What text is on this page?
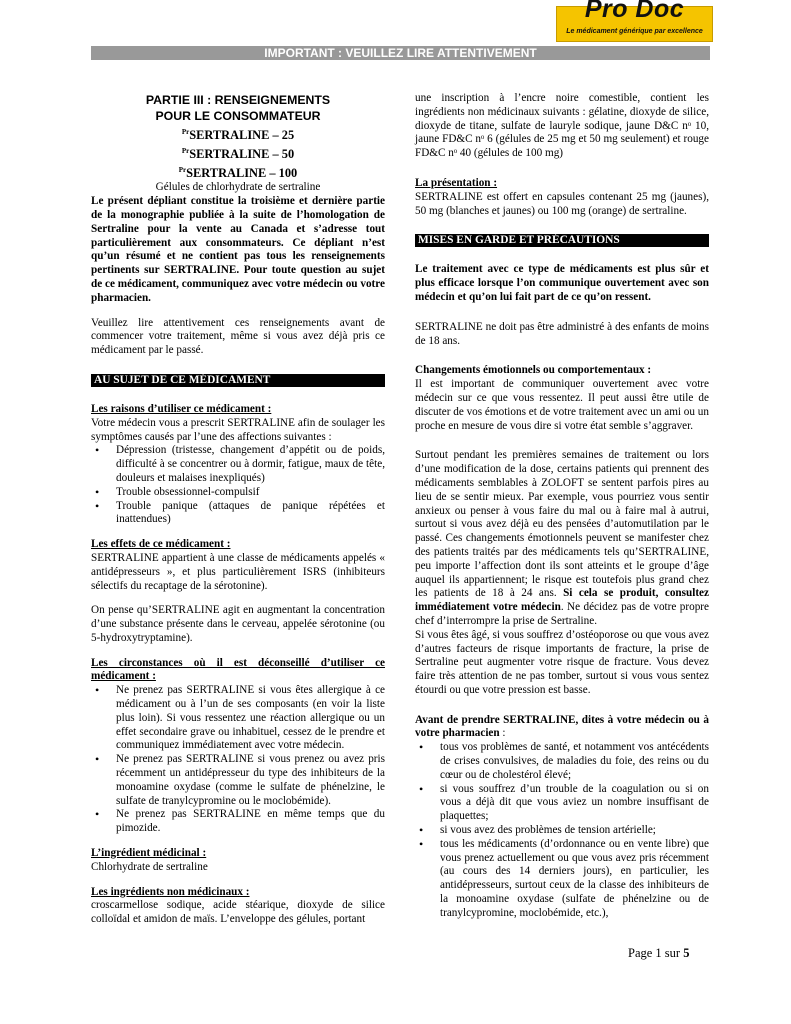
Pro Doc
Le médicament générique par excellence
IMPORTANT : VEUILLEZ LIRE ATTENTIVEMENT
PARTIE III : RENSEIGNEMENTS
POUR LE CONSOMMATEUR
$^{Pr}$SERTRALINE – 25
$^{Pr}$SERTRALINE – 50
$^{Pr}$SERTRALINE – 100
Gélules de chlorhydrate de sertraline

Le présent dépliant constitue la troisième et dernière partie de la monographie publiée à la suite de l’homologation de Sertraline pour la vente au Canada et s’adresse tout particulièrement aux consommateurs. Ce dépliant n’est qu’un résumé et ne contient pas tous les renseignements pertinents sur SERTRALINE. Pour toute question au sujet de ce médicament, communiquez avec votre médecin ou votre pharmacien.

Veuillez lire attentivement ces renseignements avant de commencer votre traitement, même si vous avez déjà pris ce médicament par le passé.

AU SUJET DE CE MÉDICAMENT
Les raisons d’utiliser ce médicament :

Votre médecin vous a prescrit SERTRALINE afin de soulager les symptômes causés par l’une des affections suivantes :

• Dépression (tristesse, changement d’appétit ou de poids, difficulté à se concentrer ou à dormir, fatigue, maux de tête, douleurs et malaises inexpliqués)
• Trouble obsessionnel-compulsif
• Trouble panique (attaques de panique répétées et inattendues)
Les effets de ce médicament :

SERTRALINE appartient à une classe de médicaments appelés « antidépresseurs », et plus particulièrement ISRS (inhibiteurs sélectifs du recaptage de la sérotonine).

On pense qu’SERTRALINE agit en augmentant la concentration d’une substance présente dans le cerveau, appelée sérotonine (ou 5-hydroxytryptamine).

Les circonstances où il est déconseillé d’utiliser ce médicament :

• Ne prenez pas SERTRALINE si vous êtes allergique à ce médicament ou à l’un de ses composants (en voir la liste plus loin). Si vous ressentez une réaction allergique ou un effet secondaire grave ou inhabituel, cessez de le prendre et communiquez immédiatement avec votre médecin.
• Ne prenez pas SERTRALINE si vous prenez ou avez pris récemment un antidépresseur du type des inhibiteurs de la monoamine oxydase (comme le sulfate de phénelzine, le sulfate de tranylcypromine ou le moclobémide).
• Ne prenez pas SERTRALINE en même temps que du pimozide.
L’ingrédient médicinal :
Chlorhydrate de sertraline
Les ingrédients non médicinaux :

croscarmellose sodique, acide stéarique, dioxyde de silice colloïdal et amidon de maïs. L’enveloppe des gélules, portant

une inscription à l’encre noire comestible, contient les ingrédients non médicinaux suivants : gélatine, dioxyde de silice, dioxyde de titane, sulfate de lauryle sodique, jaune D&C nᵒ 10, jaune FD&C nᵒ 6 (gélules de 25 mg et 50 mg seulement) et rouge FD&C nᵒ 40 (gélules de 100 mg)

La présentation :

SERTRALINE est offert en capsules contenant 25 mg (jaunes), 50 mg (blanches et jaunes) ou 100 mg (orange) de sertraline.

MISES EN GARDE ET PRÉCAUTIONS

Le traitement avec ce type de médicaments est plus sûr et plus efficace lorsque l’on communique ouvertement avec son médecin et qu’on lui fait part de ce qu’on ressent.

SERTRALINE ne doit pas être administré à des enfants de moins de 18 ans.

Changements émotionnels ou comportementaux :

Il est important de communiquer ouvertement avec votre médecin sur ce que vous ressentez. Il peut aussi être utile de discuter de vos émotions et de votre traitement avec un ami ou un proche en mesure de vous dire si votre état semble s’aggraver.

Surtout pendant les premières semaines de traitement ou lors d’une modification de la dose, certains patients qui prennent des médicaments semblables à ZOLOFT se sentent parfois pires au lieu de se sentir mieux. Par exemple, vous pourriez vous sentir anxieux ou penser à vous faire du mal ou à faire mal à autrui, surtout si vous avez déjà eu des pensées d’automutilation par le passé. Ces changements émotionnels peuvent se manifester chez des patients traités par des médicaments tels qu’SERTRALINE, peu importe l’affection dont ils sont atteints et le groupe d’âge auquel ils appartiennent; le risque est toutefois plus grand chez les patients de 18 à 24 ans. Si cela se produit, consultez immédiatement votre médecin. Ne décidez pas de votre propre chef d’interrompre la prise de Sertraline.

Si vous êtes âgé, si vous souffrez d’ostéoporose ou que vous avez d’autres facteurs de risque importants de fracture, la prise de Sertraline peut augmenter votre risque de fracture. Vous devez faire très attention de ne pas tomber, surtout si vous vous sentez étourdi ou que votre pression est basse.

Avant de prendre SERTRALINE, dites à votre médecin ou à votre pharmacien :

• tous vos problèmes de santé, et notamment vos antécédents de crises convulsives, de maladies du foie, des reins ou du cœur ou de cholestérol élevé;
• si vous souffrez d’un trouble de la coagulation ou si on vous a déjà dit que vous aviez un nombre insuffisant de plaquettes;
• si vous avez des problèmes de tension artérielle;
• tous les médicaments (d’ordonnance ou en vente libre) que vous prenez actuellement ou que vous avez pris récemment (au cours des 14 derniers jours), en particulier, les antidépresseurs, surtout ceux de la classe des inhibiteurs de la monoamine oxydase (sulfate de phénelzine ou de tranylcypromine, moclobémide, etc.),
Page 1 sur 5
